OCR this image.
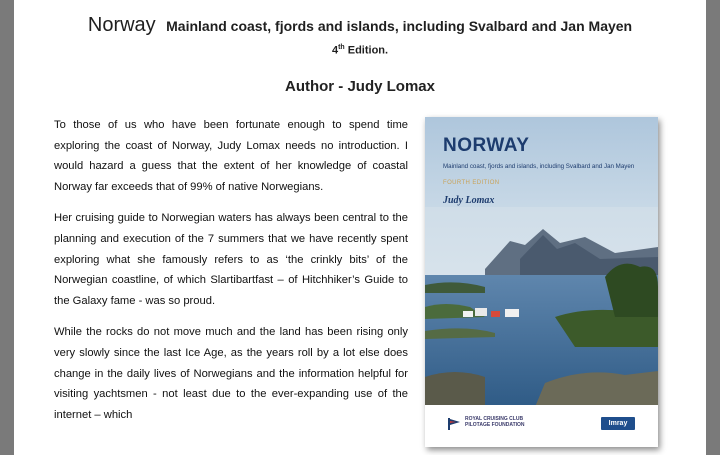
Norway Mainland coast, fjords and islands, including Svalbard and Jan Mayen
4th Edition.
Author - Judy Lomax

To those of us who have been fortunate enough to spend time exploring the coast of Norway, Judy Lomax needs no introduction. I would hazard a guess that the extent of her knowledge of coastal Norway far exceeds that of 99% of native Norwegians.

Her cruising guide to Norwegian waters has always been central to the planning and execution of the 7 summers that we have recently spent exploring what she famously refers to as ‘the crinkly bits’ of the Norwegian coastline, of which Slartibartfast – of Hitchhiker’s Guide to the Galaxy fame - was so proud.

While the rocks do not move much and the land has been rising only very slowly since the last Ice Age, as the years roll by a lot else does change in the daily lives of Norwegians and the information helpful for visiting yachtsmen - not least due to the ever-expanding use of the internet – which

NORWAY
Mainland coast, fjords and islands, including Svalbard and Jan Mayen
FOURTH EDITION
Judy Lomax
ROYAL CRUISING CLUB
PILOTAGE FOUNDATION	Imray
